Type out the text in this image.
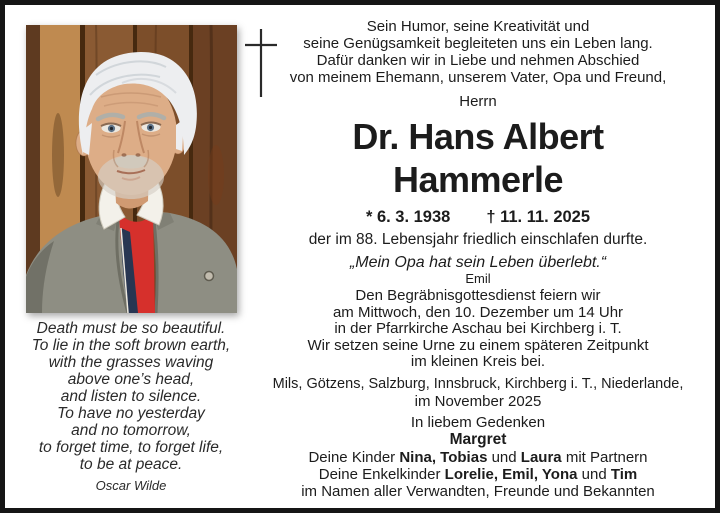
Death must be so beautiful.
To lie in the soft brown earth,
with the grasses waving
above one’s head,
and listen to silence.
To have no yesterday
and no tomorrow,
to forget time, to forget life,
to be at peace.
Oscar Wilde
Sein Humor, seine Kreativität und
seine Genügsamkeit begleiteten uns ein Leben lang.
Dafür danken wir in Liebe und nehmen Abschied
von meinem Ehemann, unserem Vater, Opa und Freund,
Herrn
Dr. Hans Albert
Hammerle
* 6. 3. 1938 † 11. 11. 2025
der im 88. Lebensjahr friedlich einschlafen durfte.
„Mein Opa hat sein Leben überlebt.“
Emil
Den Begräbnisgottesdienst feiern wir
am Mittwoch, den 10. Dezember um 14 Uhr
in der Pfarrkirche Aschau bei Kirchberg i. T.
Wir setzen seine Urne zu einem späteren Zeitpunkt
im kleinen Kreis bei.
Mils, Götzens, Salzburg, Innsbruck, Kirchberg i. T., Niederlande,
im November 2025
In liebem Gedenken
Margret
Deine Kinder Nina, Tobias und Laura mit Partnern
Deine Enkelkinder Lorelie, Emil, Yona und Tim
im Namen aller Verwandten, Freunde und Bekannten
